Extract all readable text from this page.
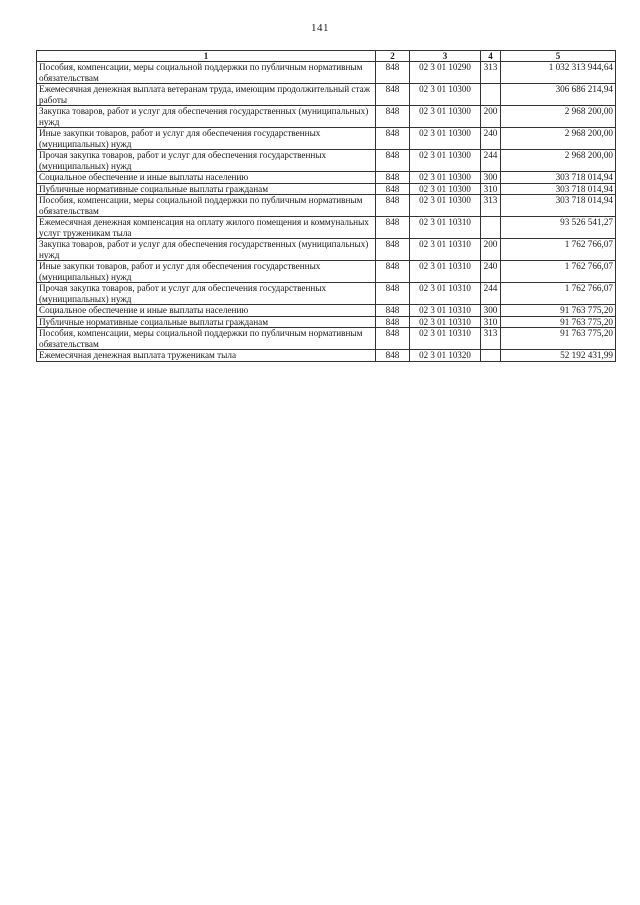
141
1	2	3	4	5
Пособия, компенсации, меры социальной поддержки по публичным нормативным обязательствам	848	02 3 01 10290	313	1 032 313 944,64
Ежемесячная денежная выплата ветеранам труда, имеющим продолжительный стаж работы	848	02 3 01 10300		306 686 214,94
Закупка товаров, работ и услуг для обеспечения государственных (муниципальных) нужд	848	02 3 01 10300	200	2 968 200,00
Иные закупки товаров, работ и услуг для обеспечения государственных (муниципальных) нужд	848	02 3 01 10300	240	2 968 200,00
Прочая закупка товаров, работ и услуг для обеспечения государственных (муниципальных) нужд	848	02 3 01 10300	244	2 968 200,00
Социальное обеспечение и иные выплаты населению	848	02 3 01 10300	300	303 718 014,94
Публичные нормативные социальные выплаты гражданам	848	02 3 01 10300	310	303 718 014,94
Пособия, компенсации, меры социальной поддержки по публичным нормативным обязательствам	848	02 3 01 10300	313	303 718 014,94
Ежемесячная денежная компенсация на оплату жилого помещения и коммунальных услуг труженикам тыла	848	02 3 01 10310		93 526 541,27
Закупка товаров, работ и услуг для обеспечения государственных (муниципальных) нужд	848	02 3 01 10310	200	1 762 766,07
Иные закупки товаров, работ и услуг для обеспечения государственных (муниципальных) нужд	848	02 3 01 10310	240	1 762 766,07
Прочая закупка товаров, работ и услуг для обеспечения государственных (муниципальных) нужд	848	02 3 01 10310	244	1 762 766,07
Социальное обеспечение и иные выплаты населению	848	02 3 01 10310	300	91 763 775,20
Публичные нормативные социальные выплаты гражданам	848	02 3 01 10310	310	91 763 775,20
Пособия, компенсации, меры социальной поддержки по публичным нормативным обязательствам	848	02 3 01 10310	313	91 763 775,20
Ежемесячная денежная выплата труженикам тыла	848	02 3 01 10320		52 192 431,99
